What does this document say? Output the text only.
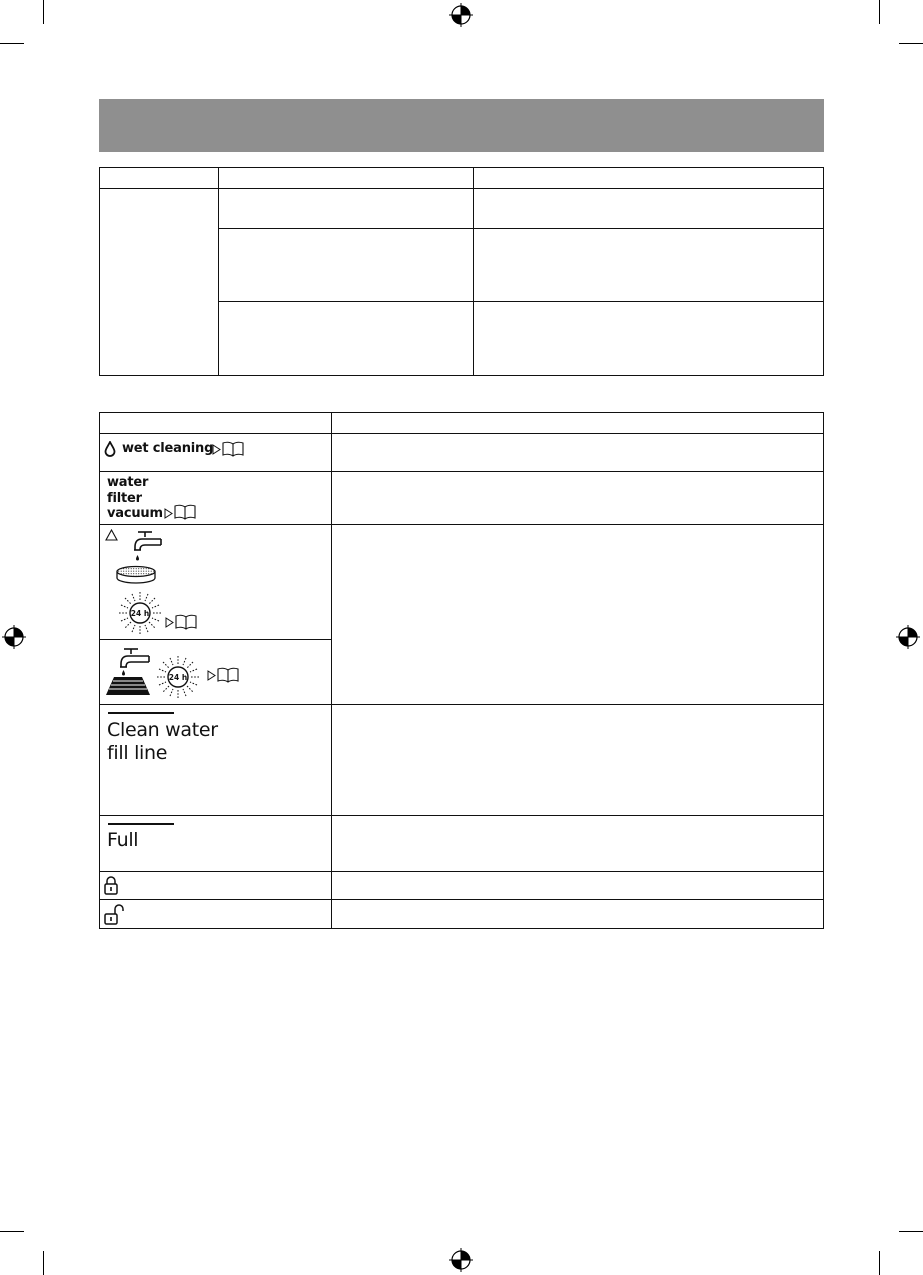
wet cleaning
water
filter
vacuum
24 h
24 h
Clean water
fill line
Full
